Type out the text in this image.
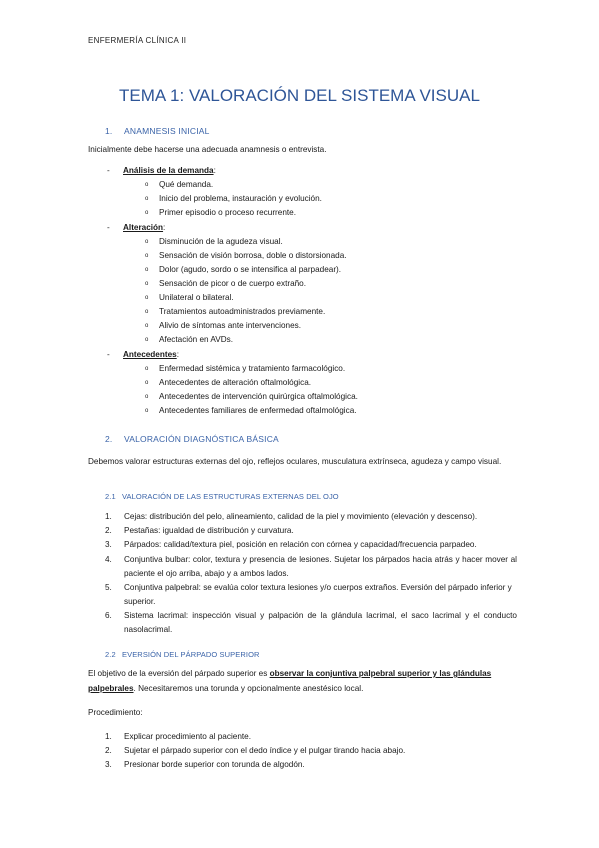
ENFERMERÍA CLÍNICA II
TEMA 1: VALORACIÓN DEL SISTEMA VISUAL
1. ANAMNESIS INICIAL
Inicialmente debe hacerse una adecuada anamnesis o entrevista.
- Análisis de la demanda:
o Qué demanda.
o Inicio del problema, instauración y evolución.
o Primer episodio o proceso recurrente.
- Alteración:
o Disminución de la agudeza visual.
o Sensación de visión borrosa, doble o distorsionada.
o Dolor (agudo, sordo o se intensifica al parpadear).
o Sensación de picor o de cuerpo extraño.
o Unilateral o bilateral.
o Tratamientos autoadministrados previamente.
o Alivio de síntomas ante intervenciones.
o Afectación en AVDs.
- Antecedentes:
o Enfermedad sistémica y tratamiento farmacológico.
o Antecedentes de alteración oftalmológica.
o Antecedentes de intervención quirúrgica oftalmológica.
o Antecedentes familiares de enfermedad oftalmológica.
2. VALORACIÓN DIAGNÓSTICA BÁSICA
Debemos valorar estructuras externas del ojo, reflejos oculares, musculatura extrínseca, agudeza y campo visual.
2.1 VALORACIÓN DE LAS ESTRUCTURAS EXTERNAS DEL OJO
1. Cejas: distribución del pelo, alineamiento, calidad de la piel y movimiento (elevación y descenso).
2. Pestañas: igualdad de distribución y curvatura.
3. Párpados: calidad/textura piel, posición en relación con córnea y capacidad/frecuencia parpadeo.
4. Conjuntiva bulbar: color, textura y presencia de lesiones. Sujetar los párpados hacia atrás y hacer mover al paciente el ojo arriba, abajo y a ambos lados.
5. Conjuntiva palpebral: se evalúa color textura lesiones y/o cuerpos extraños. Eversión del párpado inferior y superior.
6. Sistema lacrimal: inspección visual y palpación de la glándula lacrimal, el saco lacrimal y el conducto nasolacrimal.
2.2 EVERSIÓN DEL PÁRPADO SUPERIOR
El objetivo de la eversión del párpado superior es observar la conjuntiva palpebral superior y las glándulas palpebrales. Necesitaremos una torunda y opcionalmente anestésico local.
Procedimiento:
1. Explicar procedimiento al paciente.
2. Sujetar el párpado superior con el dedo índice y el pulgar tirando hacia abajo.
3. Presionar borde superior con torunda de algodón.
